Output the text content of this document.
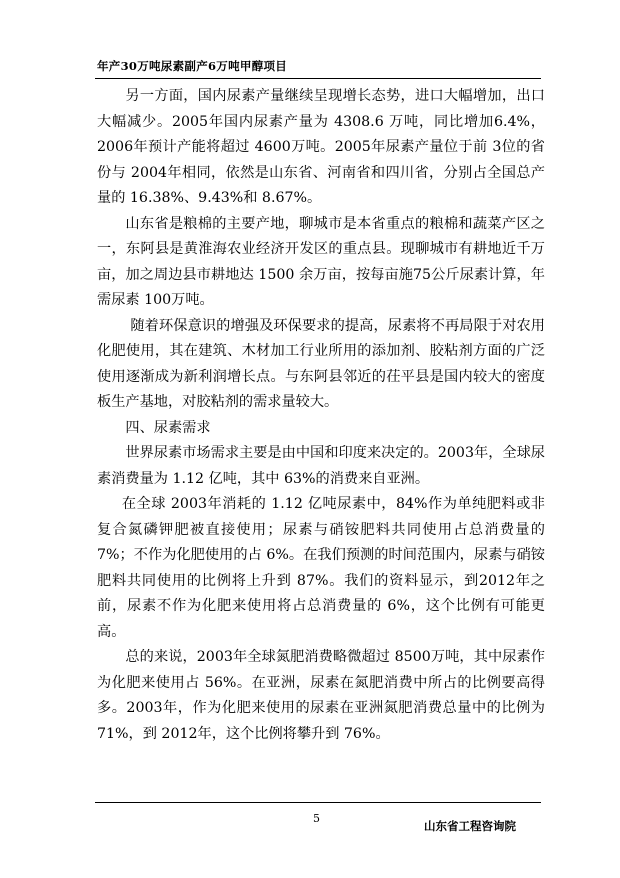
年产30万吨尿素副产6万吨甲醇项目

另一方面，国内尿素产量继续呈现增长态势，进口大幅增加，出口大幅减少。2005年国内尿素产量为 4308.6 万吨，同比增加6.4%，2006年预计产能将超过 4600万吨。2005年尿素产量位于前 3位的省份与 2004年相同，依然是山东省、河南省和四川省，分别占全国总产量的 16.38%、9.43%和 8.67%。

山东省是粮棉的主要产地，聊城市是本省重点的粮棉和蔬菜产区之一，东阿县是黄淮海农业经济开发区的重点县。现聊城市有耕地近千万亩，加之周边县市耕地达 1500 余万亩，按每亩施75公斤尿素计算，年需尿素 100万吨。

随着环保意识的增强及环保要求的提高，尿素将不再局限于对农用化肥使用，其在建筑、木材加工行业所用的添加剂、胶粘剂方面的广泛使用逐渐成为新利润增长点。与东阿县邻近的茌平县是国内较大的密度板生产基地，对胶粘剂的需求量较大。

四、尿素需求

世界尿素市场需求主要是由中国和印度来决定的。2003年，全球尿素消费量为 1.12 亿吨，其中 63%的消费来自亚洲。

在全球 2003年消耗的 1.12 亿吨尿素中，84%作为单纯肥料或非复合氮磷钾肥被直接使用；尿素与硝铵肥料共同使用占总消费量的 7%；不作为化肥使用的占 6%。在我们预测的时间范围内，尿素与硝铵肥料共同使用的比例将上升到 87%。我们的资料显示，到2012年之前，尿素不作为化肥来使用将占总消费量的 6%，这个比例有可能更高。

总的来说，2003年全球氮肥消费略微超过 8500万吨，其中尿素作为化肥来使用占 56%。在亚洲，尿素在氮肥消费中所占的比例要高得多。2003年，作为化肥来使用的尿素在亚洲氮肥消费总量中的比例为 71%，到 2012年，这个比例将攀升到 76%。

5
山东省工程咨询院
